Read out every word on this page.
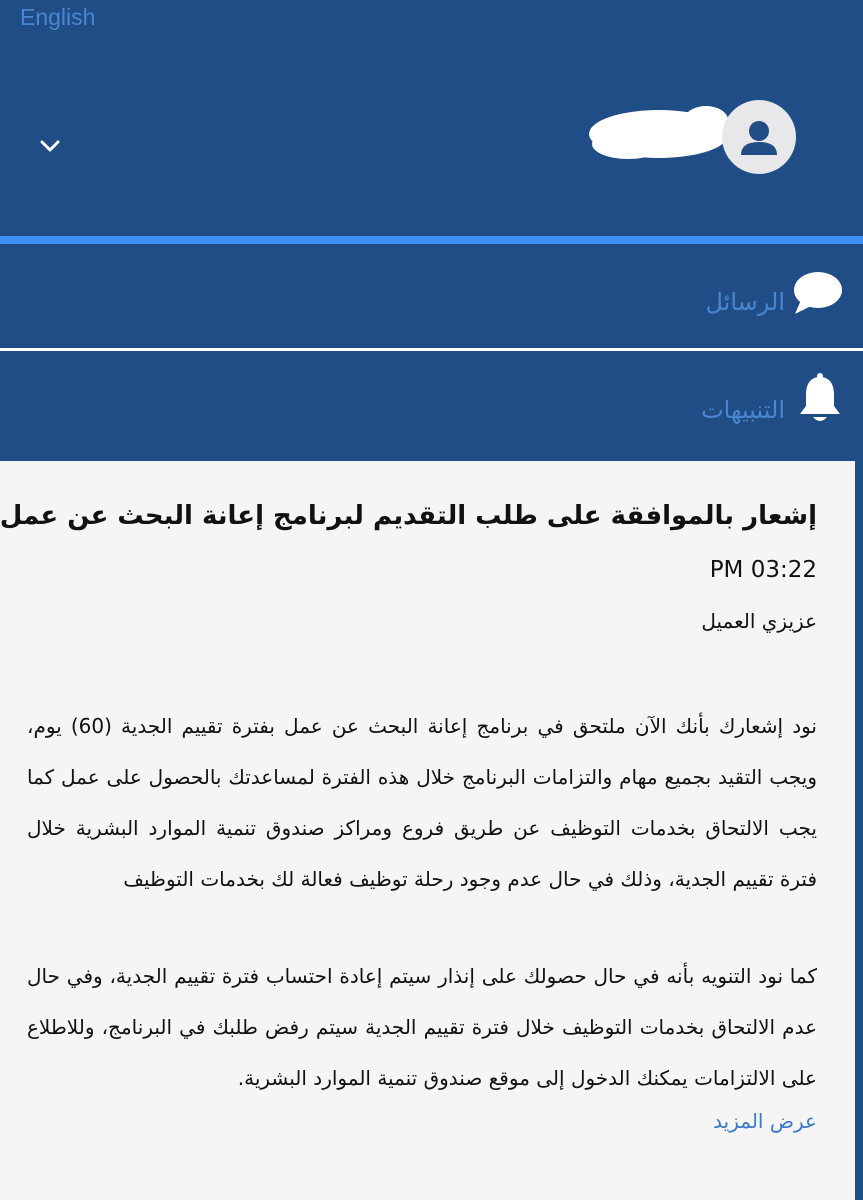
English
الرسائل
التنبيهات
إشعار بالموافقة على طلب التقديم لبرنامج إعانة البحث عن عمل
PM 03:22
عزيزي العميل
نود إشعارك بأنك الآن ملتحق في برنامج إعانة البحث عن عمل بفترة تقييم الجدية (60) يوم، ويجب التقيد بجميع مهام والتزامات البرنامج خلال هذه الفترة لمساعدتك بالحصول على عمل كما يجب الالتحاق بخدمات التوظيف عن طريق فروع ومراكز صندوق تنمية الموارد البشرية خلال فترة تقييم الجدية، وذلك في حال عدم وجود رحلة توظيف فعالة لك بخدمات التوظيف
كما نود التنويه بأنه في حال حصولك على إنذار سيتم إعادة احتساب فترة تقييم الجدية، وفي حال عدم الالتحاق بخدمات التوظيف خلال فترة تقييم الجدية سيتم رفض طلبك في البرنامج، وللاطلاع على الالتزامات يمكنك الدخول إلى موقع صندوق تنمية الموارد البشرية.
عرض المزيد
